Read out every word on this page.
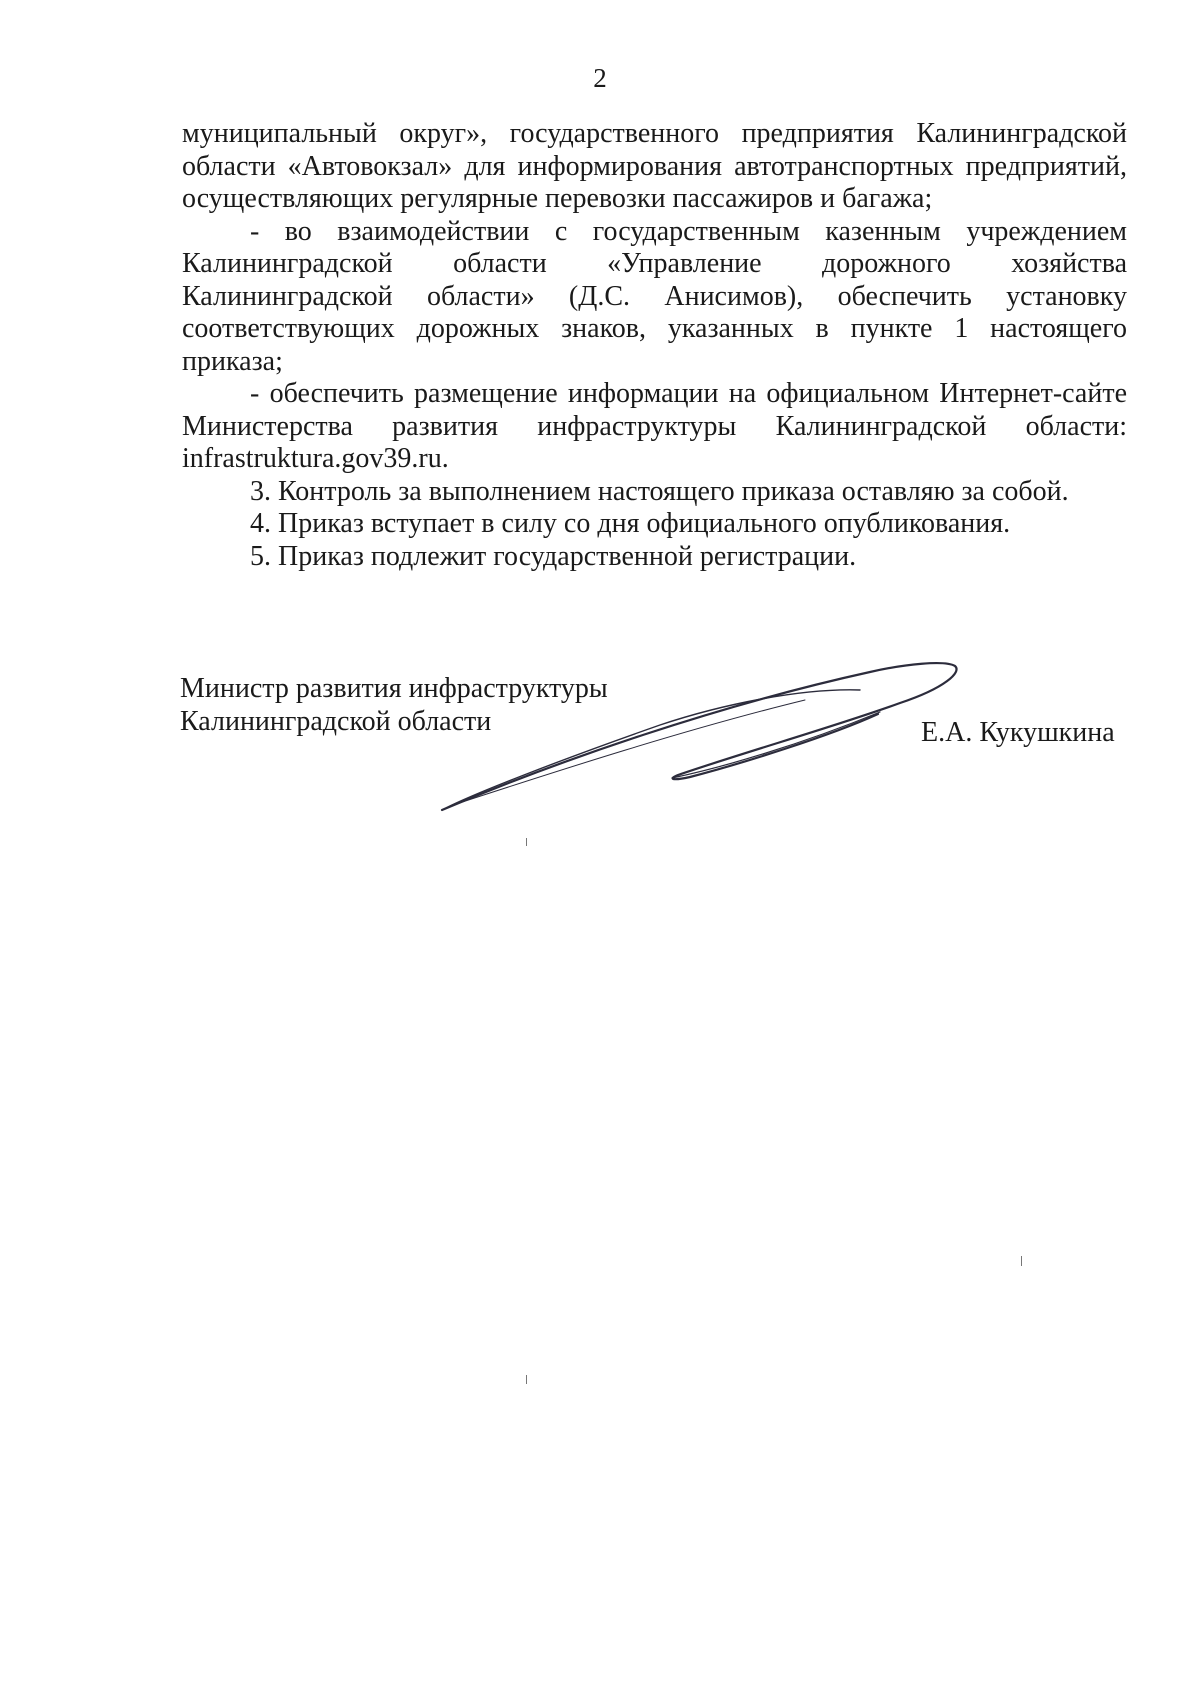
2

муниципальный округ», государственного предприятия Калининградской области «Автовокзал» для информирования автотранспортных предприятий, осуществляющих регулярные перевозки пассажиров и багажа;

- во взаимодействии с государственным казенным учреждением Калининградской области «Управление дорожного хозяйства Калининградской области» (Д.С. Анисимов), обеспечить установку соответствующих дорожных знаков, указанных в пункте 1 настоящего приказа;

- обеспечить размещение информации на официальном Интернет-сайте Министерства развития инфраструктуры Калининградской области: infrastruktura.gov39.ru.

3. Контроль за выполнением настоящего приказа оставляю за собой.

4. Приказ вступает в силу со дня официального опубликования.

5. Приказ подлежит государственной регистрации.

Министр развития инфраструктуры
Калининградской области	Е.А. Кукушкина
